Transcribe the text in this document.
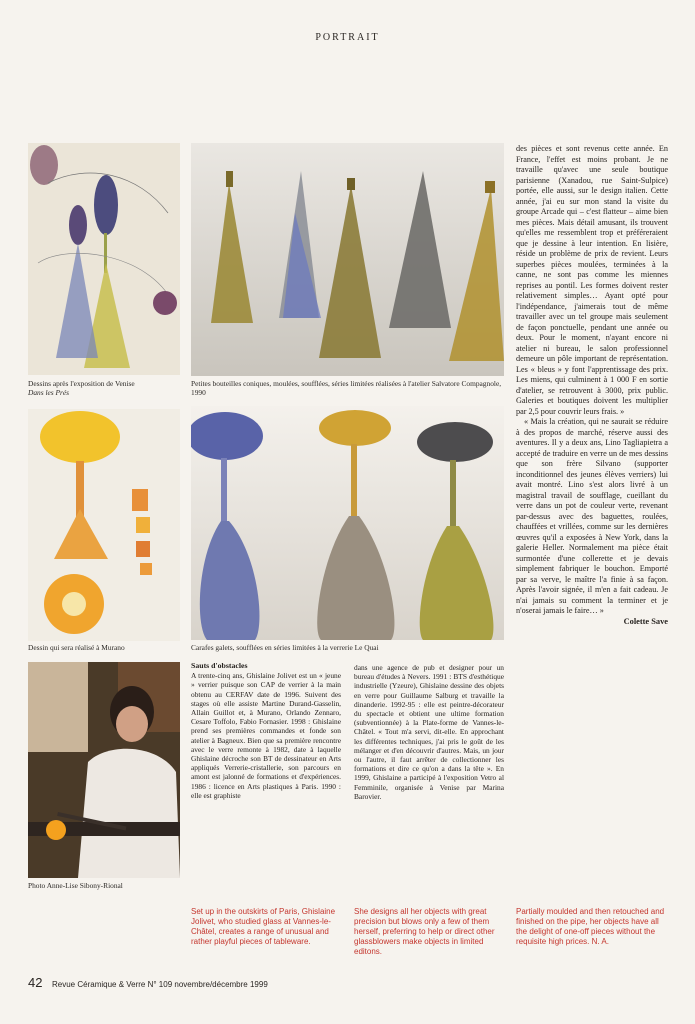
PORTRAIT
Dessins après l'exposition de Venise
Dans les Prés
Petites bouteilles coniques, moulées, soufflées, séries limitées réalisées à l'atelier Salvatore Compagnole, 1990
Dessin qui sera réalisé à Murano	Carafes galets, soufflées en séries limitées à la verrerie Le Quai
Photo Anne-Lise Sibony-Rional

des pièces et sont revenus cette année. En France, l'effet est moins probant. Je ne travaille qu'avec une seule boutique parisienne (Xanadou, rue Saint-Sulpice) portée, elle aussi, sur le design italien. Cette année, j'ai eu sur mon stand la visite du groupe Arcade qui – c'est flatteur – aime bien mes pièces. Mais détail amusant, ils trouvent qu'elles me ressemblent trop et préféreraient que je dessine à leur intention. En lisière, réside un problème de prix de revient. Leurs superbes pièces moulées, terminées à la canne, ne sont pas comme les miennes reprises au pontil. Les formes doivent rester relativement simples… Ayant opté pour l'indépendance, j'aimerais tout de même travailler avec un tel groupe mais seulement de façon ponctuelle, pendant une année ou deux. Pour le moment, n'ayant encore ni atelier ni bureau, le salon professionnel demeure un pôle important de représentation. Les « bleus » y font l'apprentissage des prix. Les miens, qui culminent à 1 000 F en sortie d'atelier, se retrouvent à 3000, prix public. Galeries et boutiques doivent les multiplier par 2,5 pour couvrir leurs frais. »

« Mais la création, qui ne saurait se réduire à des propos de marché, réserve aussi des aventures. Il y a deux ans, Lino Tagliapietra a accepté de traduire en verre un de mes dessins que son frère Silvano (supporter inconditionnel des jeunes élèves verriers) lui avait montré. Lino s'est alors livré à un magistral travail de soufflage, cueillant du verre dans un pot de couleur verte, revenant par-dessus avec des baguettes, roulées, chauffées et vrillées, comme sur les dernières œuvres qu'il a exposées à New York, dans la galerie Heller. Normalement ma pièce était surmontée d'une collerette et je devais simplement fabriquer le bouchon. Emporté par sa verve, le maître l'a finie à sa façon. Après l'avoir signée, il m'en a fait cadeau. Je n'ai jamais su comment la terminer et je n'oserai jamais le faire… »

Colette Save
Sauts d'obstacles

A trente-cinq ans, Ghislaine Jolivet est un « jeune » verrier puisque son CAP de verrier à la main obtenu au CERFAV date de 1996. Suivent des stages où elle assiste Martine Durand-Gasselin, Allain Guillot et, à Murano, Orlando Zennaro, Cesare Toffolo, Fabio Fornasier. 1998 : Ghislaine prend ses premières commandes et fonde son atelier à Bagneux. Bien que sa première rencontre avec le verre remonte à 1982, date à laquelle Ghislaine décroche son BT de dessinateur en Arts appliqués Verrerie-cristallerie, son parcours en amont est jalonné de formations et d'expériences. 1986 : licence en Arts plastiques à Paris. 1990 : elle est graphiste

dans une agence de pub et designer pour un bureau d'études à Nevers. 1991 : BTS d'esthétique industrielle (Yzeure), Ghislaine dessine des objets en verre pour Guillaume Salburg et travaille la dinanderie. 1992-95 : elle est peintre-décorateur du spectacle et obtient une ultime formation (subventionnée) à la Plate-forme de Vannes-le-Châtel. « Tout m'a servi, dit-elle. En approchant les différentes techniques, j'ai pris le goût de les mélanger et d'en découvrir d'autres. Mais, un jour ou l'autre, il faut arrêter de collectionner les formations et dire ce qu'on a dans la tête ». En 1999, Ghislaine a participé à l'exposition Vetro al Femminile, organisée à Venise par Marina Barovier.

Set up in the outskirts of Paris, Ghislaine Jolivet, who studied glass at Vannes-le-Châtel, creates a range of unusual and rather playful pieces of tableware.
She designs all her objects with great precision but blows only a few of them herself, preferring to help or direct other glassblowers make objects in limited editons.
Partially moulded and then retouched and finished on the pipe, her objects have all the delight of one-off pieces without the requisite high prices. N. A.
42 Revue Céramique & Verre N° 109 novembre/décembre 1999
